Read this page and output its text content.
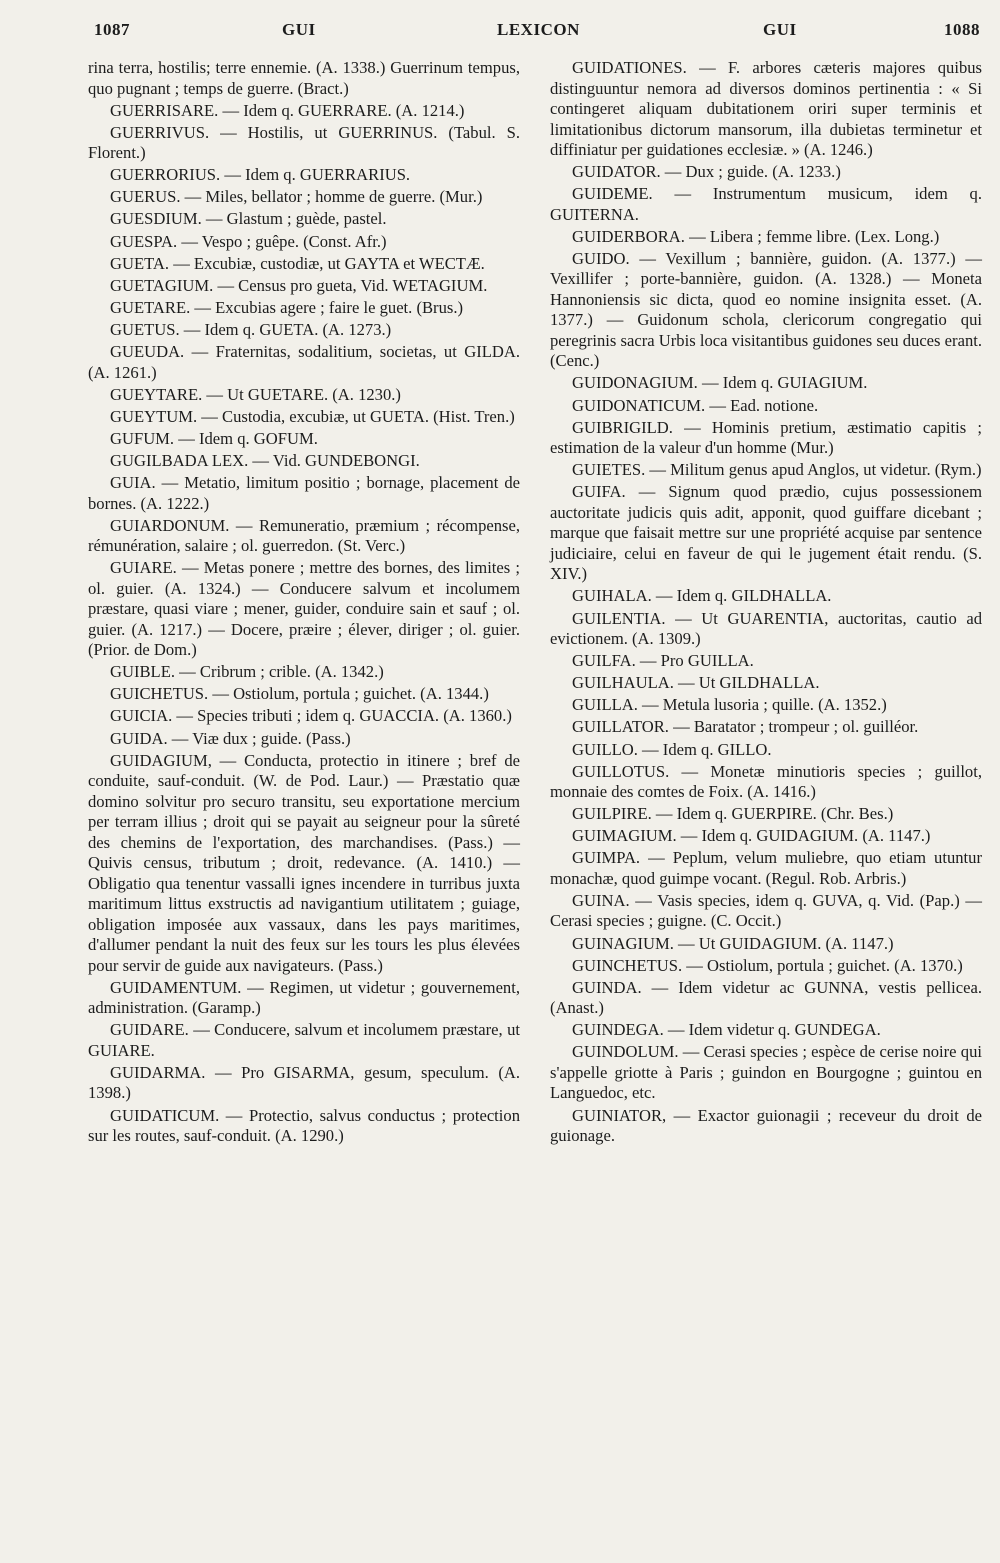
1087	GUI	LEXICON	GUI	1088

rina terra, hostilis; terre ennemie. (A. 1338.) Guerrinum tempus, quo pugnant ; temps de guerre. (Bract.)

GUERRISARE. — Idem q. GUERRARE. (A. 1214.)

GUERRIVUS. — Hostilis, ut GUERRINUS. (Tabul. S. Florent.)

GUERRORIUS. — Idem q. GUERRARIUS.

GUERUS. — Miles, bellator ; homme de guerre. (Mur.)

GUESDIUM. — Glastum ; guède, pastel.

GUESPA. — Vespo ; guêpe. (Const. Afr.)

GUETA. — Excubiæ, custodiæ, ut GAYTA et WECTÆ.

GUETAGIUM. — Census pro gueta, Vid. WETAGIUM.

GUETARE. — Excubias agere ; faire le guet. (Brus.)

GUETUS. — Idem q. GUETA. (A. 1273.)

GUEUDA. — Fraternitas, sodalitium, societas, ut GILDA. (A. 1261.)

GUEYTARE. — Ut GUETARE. (A. 1230.)

GUEYTUM. — Custodia, excubiæ, ut GUETA. (Hist. Tren.)

GUFUM. — Idem q. GOFUM.

GUGILBADA LEX. — Vid. GUNDEBONGI.

GUIA. — Metatio, limitum positio ; bornage, placement de bornes. (A. 1222.)

GUIARDONUM. — Remuneratio, præmium ; récompense, rémunération, salaire ; ol. guerredon. (St. Verc.)

GUIARE. — Metas ponere ; mettre des bornes, des limites ; ol. guier. (A. 1324.) — Conducere salvum et incolumem præstare, quasi viare ; mener, guider, conduire sain et sauf ; ol. guier. (A. 1217.) — Docere, præire ; élever, diriger ; ol. guier. (Prior. de Dom.)

GUIBLE. — Cribrum ; crible. (A. 1342.)

GUICHETUS. — Ostiolum, portula ; guichet. (A. 1344.)

GUICIA. — Species tributi ; idem q. GUACCIA. (A. 1360.)

GUIDA. — Viæ dux ; guide. (Pass.)

GUIDAGIUM, — Conducta, protectio in itinere ; bref de conduite, sauf-conduit. (W. de Pod. Laur.) — Præstatio quæ domino solvitur pro securo transitu, seu exportatione mercium per terram illius ; droit qui se payait au seigneur pour la sûreté des chemins de l'exportation, des marchandises. (Pass.) — Quivis census, tributum ; droit, redevance. (A. 1410.) — Obligatio qua tenentur vassalli ignes incendere in turribus juxta maritimum littus exstructis ad navigantium utilitatem ; guiage, obligation imposée aux vassaux, dans les pays maritimes, d'allumer pendant la nuit des feux sur les tours les plus élevées pour servir de guide aux navigateurs. (Pass.)

GUIDAMENTUM. — Regimen, ut videtur ; gouvernement, administration. (Garamp.)

GUIDARE. — Conducere, salvum et incolumem præstare, ut GUIARE.

GUIDARMA. — Pro GISARMA, gesum, speculum. (A. 1398.)

GUIDATICUM. — Protectio, salvus conductus ; protection sur les routes, sauf-conduit. (A. 1290.)

GUIDATIONES. — F. arbores cæteris majores quibus distinguuntur nemora ad diversos dominos pertinentia : « Si contingeret aliquam dubitationem oriri super terminis et limitationibus dictorum mansorum, illa dubietas terminetur et diffiniatur per guidationes ecclesiæ. » (A. 1246.)

GUIDATOR. — Dux ; guide. (A. 1233.)

GUIDEME. — Instrumentum musicum, idem q. GUITERNA.

GUIDERBORA. — Libera ; femme libre. (Lex. Long.)

GUIDO. — Vexillum ; bannière, guidon. (A. 1377.) — Vexillifer ; porte-bannière, guidon. (A. 1328.) — Moneta Hannoniensis sic dicta, quod eo nomine insignita esset. (A. 1377.) — Guidonum schola, clericorum congregatio qui peregrinis sacra Urbis loca visitantibus guidones seu duces erant. (Cenc.)

GUIDONAGIUM. — Idem q. GUIAGIUM.

GUIDONATICUM. — Ead. notione.

GUIBRIGILD. — Hominis pretium, æstimatio capitis ; estimation de la valeur d'un homme (Mur.)

GUIETES. — Militum genus apud Anglos, ut videtur. (Rym.)

GUIFA. — Signum quod prædio, cujus possessionem auctoritate judicis quis adit, apponit, quod guiffare dicebant ; marque que faisait mettre sur une propriété acquise par sentence judiciaire, celui en faveur de qui le jugement était rendu. (S. XIV.)

GUIHALA. — Idem q. GILDHALLA.

GUILENTIA. — Ut GUARENTIA, auctoritas, cautio ad evictionem. (A. 1309.)

GUILFA. — Pro GUILLA.

GUILHAULA. — Ut GILDHALLA.

GUILLA. — Metula lusoria ; quille. (A. 1352.)

GUILLATOR. — Baratator ; trompeur ; ol. guilléor.

GUILLO. — Idem q. GILLO.

GUILLOTUS. — Monetæ minutioris species ; guillot, monnaie des comtes de Foix. (A. 1416.)

GUILPIRE. — Idem q. GUERPIRE. (Chr. Bes.)

GUIMAGIUM. — Idem q. GUIDAGIUM. (A. 1147.)

GUIMPA. — Peplum, velum muliebre, quo etiam utuntur monachæ, quod guimpe vocant. (Regul. Rob. Arbris.)

GUINA. — Vasis species, idem q. GUVA, q. Vid. (Pap.) — Cerasi species ; guigne. (C. Occit.)

GUINAGIUM. — Ut GUIDAGIUM. (A. 1147.)

GUINCHETUS. — Ostiolum, portula ; guichet. (A. 1370.)

GUINDA. — Idem videtur ac GUNNA, vestis pellicea. (Anast.)

GUINDEGA. — Idem videtur q. GUNDEGA.

GUINDOLUM. — Cerasi species ; espèce de cerise noire qui s'appelle griotte à Paris ; guindon en Bourgogne ; guintou en Languedoc, etc.

GUINIATOR, — Exactor guionagii ; receveur du droit de guionage.
